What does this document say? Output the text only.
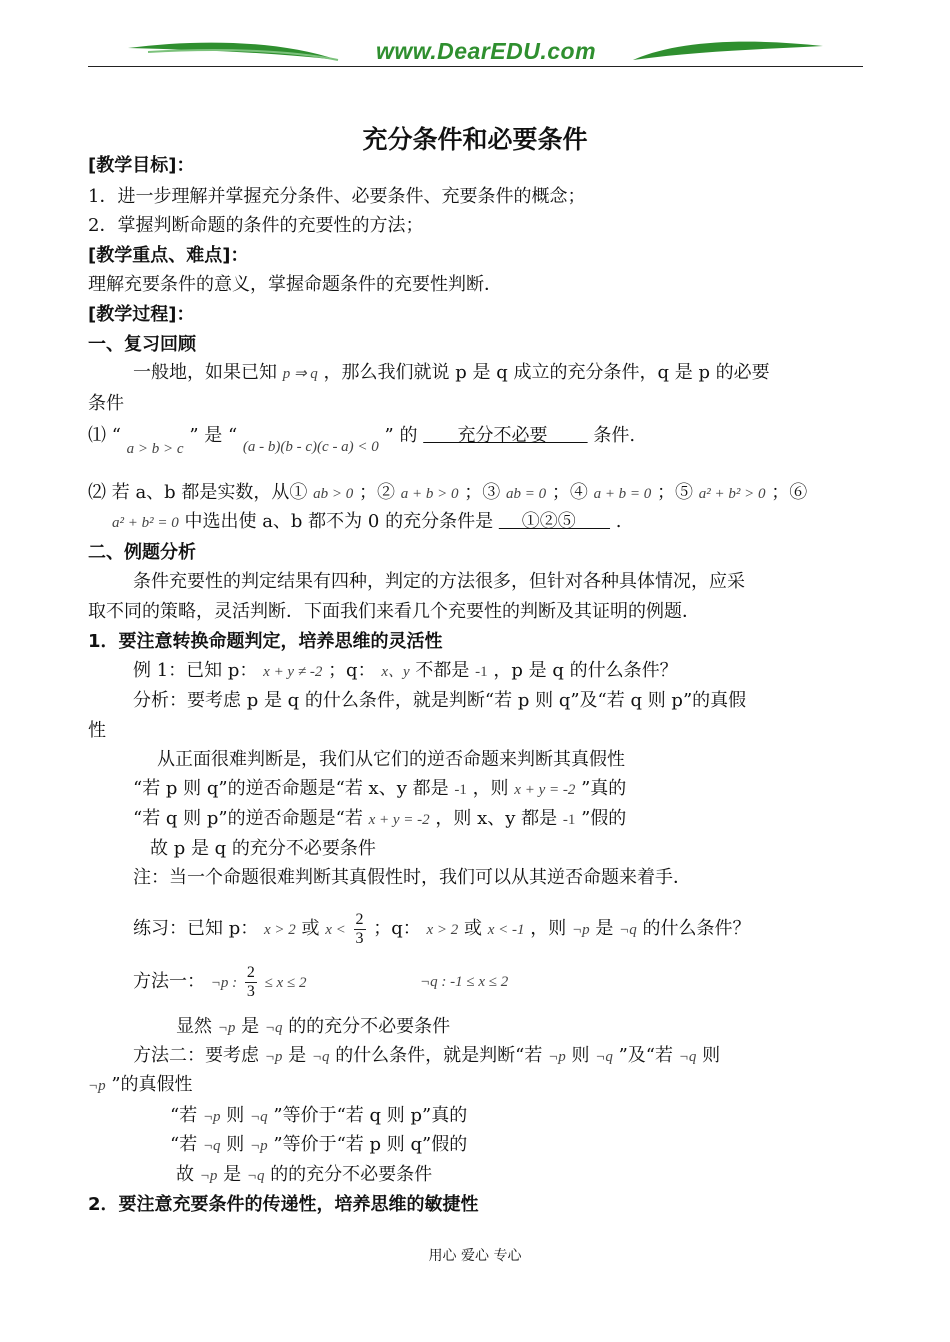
www.DearEDU.com
充分条件和必要条件
[教学目标]：
1．进一步理解并掌握充分条件、必要条件、充要条件的概念；
2．掌握判断命题的条件的充要性的方法；
[教学重点、难点]：
理解充要条件的意义，掌握命题条件的充要性判断．
[教学过程]：
一、复习回顾
一般地，如果已知 p ⇒ q ，那么我们就说 p 是 q 成立的充分条件，q 是 p 的必要
条件
⑴ “ $_{a > b > c}$ ” 是 “ $_{(a - b)(b - c)(c - a) < 0}$ ” 的       充分不必要        条件.
⑵ 若 a、b 都是实数，从① ab > 0 ；② a + b > 0 ；③ ab = 0 ；④ a + b = 0 ；⑤ a² + b² > 0 ；⑥
a² + b² = 0 中选出使 a、b 都不为 0 的充分条件是     ①②⑤       .
二、例题分析
条件充要性的判定结果有四种，判定的方法很多，但针对各种具体情况，应采
取不同的策略，灵活判断．下面我们来看几个充要性的判断及其证明的例题．
1．要注意转换命题判定，培养思维的灵活性
例 1：已知 p： x + y ≠ -2 ；q： x、y 不都是 -1 ，p 是 q 的什么条件？
分析：要考虑 p 是 q 的什么条件，就是判断“若 p 则 q”及“若 q 则 p”的真假
性
从正面很难判断是，我们从它们的逆否命题来判断其真假性
“若 p 则 q”的逆否命题是“若 x、y 都是 -1 ，则 x + y = -2 ”真的
“若 q 则 p”的逆否命题是“若 x + y = -2 ，则 x、y 都是 -1 ”假的
故 p 是 q 的充分不必要条件
注：当一个命题很难判断其真假性时，我们可以从其逆否命题来着手．
练习：已知 p： x > 2 或 $x < \frac{2}{3}$ ；q： x > 2 或 x < -1 ，则 ¬p 是 ¬q 的什么条件？
方法一： ¬p : $\frac{2}{3} \le x \le 2$	¬q : -1 ≤ x ≤ 2
显然 ¬p 是 ¬q 的的充分不必要条件
方法二：要考虑 ¬p 是 ¬q 的什么条件，就是判断“若 ¬p 则 ¬q ”及“若 ¬q 则
¬p ”的真假性
“若 ¬p 则 ¬q ”等价于“若 q 则 p”真的
“若 ¬q 则 ¬p ”等价于“若 p 则 q”假的
故 ¬p 是 ¬q 的的充分不必要条件
2．要注意充要条件的传递性，培养思维的敏捷性
用心 爱心 专心
